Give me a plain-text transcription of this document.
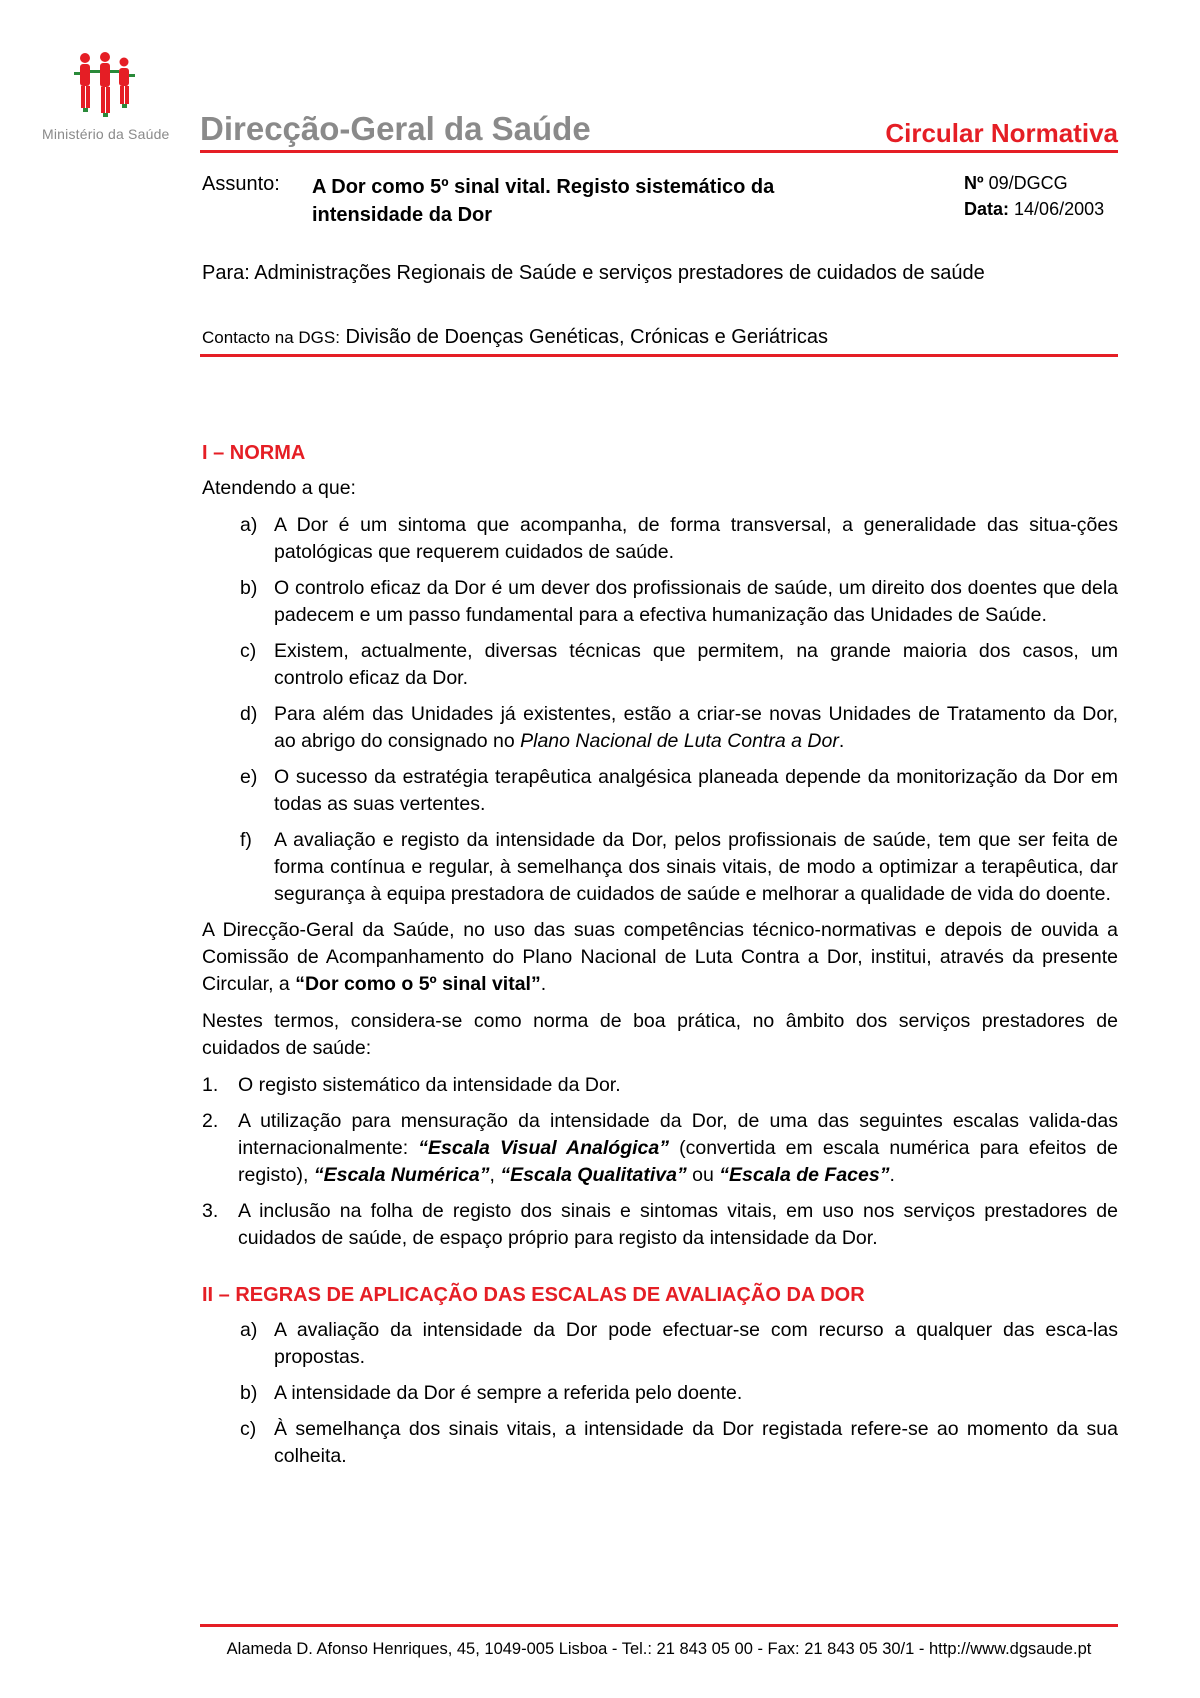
Ministério da Saúde Direcção-Geral da Saúde	Circular Normativa
Assunto: A Dor como 5º sinal vital. Registo sistemático da intensidade da Dor
Nº 09/DGCG
Data: 14/06/2003
Para: Administrações Regionais de Saúde e serviços prestadores de cuidados de saúde
Contacto na DGS: Divisão de Doenças Genéticas, Crónicas e Geriátricas
I – NORMA

Atendendo a que:

a) A Dor é um sintoma que acompanha, de forma transversal, a generalidade das situa-ções patológicas que requerem cuidados de saúde.
b) O controlo eficaz da Dor é um dever dos profissionais de saúde, um direito dos doentes que dela padecem e um passo fundamental para a efectiva humanização das Unidades de Saúde.
c) Existem, actualmente, diversas técnicas que permitem, na grande maioria dos casos, um controlo eficaz da Dor.
d) Para além das Unidades já existentes, estão a criar-se novas Unidades de Tratamento da Dor, ao abrigo do consignado no Plano Nacional de Luta Contra a Dor.
e) O sucesso da estratégia terapêutica analgésica planeada depende da monitorização da Dor em todas as suas vertentes.
f)	A avaliação e registo da intensidade da Dor, pelos profissionais de saúde, tem que ser feita de forma contínua e regular, à semelhança dos sinais vitais, de modo a optimizar a terapêutica, dar segurança à equipa prestadora de cuidados de saúde e melhorar a qualidade de vida do doente.

A Direcção-Geral da Saúde, no uso das suas competências técnico-normativas e depois de ouvida a Comissão de Acompanhamento do Plano Nacional de Luta Contra a Dor, institui, através da presente Circular, a “Dor como o 5º sinal vital”.

Nestes termos, considera-se como norma de boa prática, no âmbito dos serviços prestadores de cuidados de saúde:

1.	O registo sistemático da intensidade da Dor.
2.	A utilização para mensuração da intensidade da Dor, de uma das seguintes escalas valida-das internacionalmente: “Escala Visual Analógica” (convertida em escala numérica para efeitos de registo), “Escala Numérica”, “Escala Qualitativa” ou “Escala de Faces”.
3.	A inclusão na folha de registo dos sinais e sintomas vitais, em uso nos serviços prestadores de cuidados de saúde, de espaço próprio para registo da intensidade da Dor.
II – REGRAS DE APLICAÇÃO DAS ESCALAS DE AVALIAÇÃO DA DOR
a) A avaliação da intensidade da Dor pode efectuar-se com recurso a qualquer das esca-las propostas.
b) A intensidade da Dor é sempre a referida pelo doente.
c) À semelhança dos sinais vitais, a intensidade da Dor registada refere-se ao momento da sua colheita.
Alameda D. Afonso Henriques, 45, 1049-005 Lisboa - Tel.: 21 843 05 00 - Fax: 21 843 05 30/1 - http://www.dgsaude.pt
